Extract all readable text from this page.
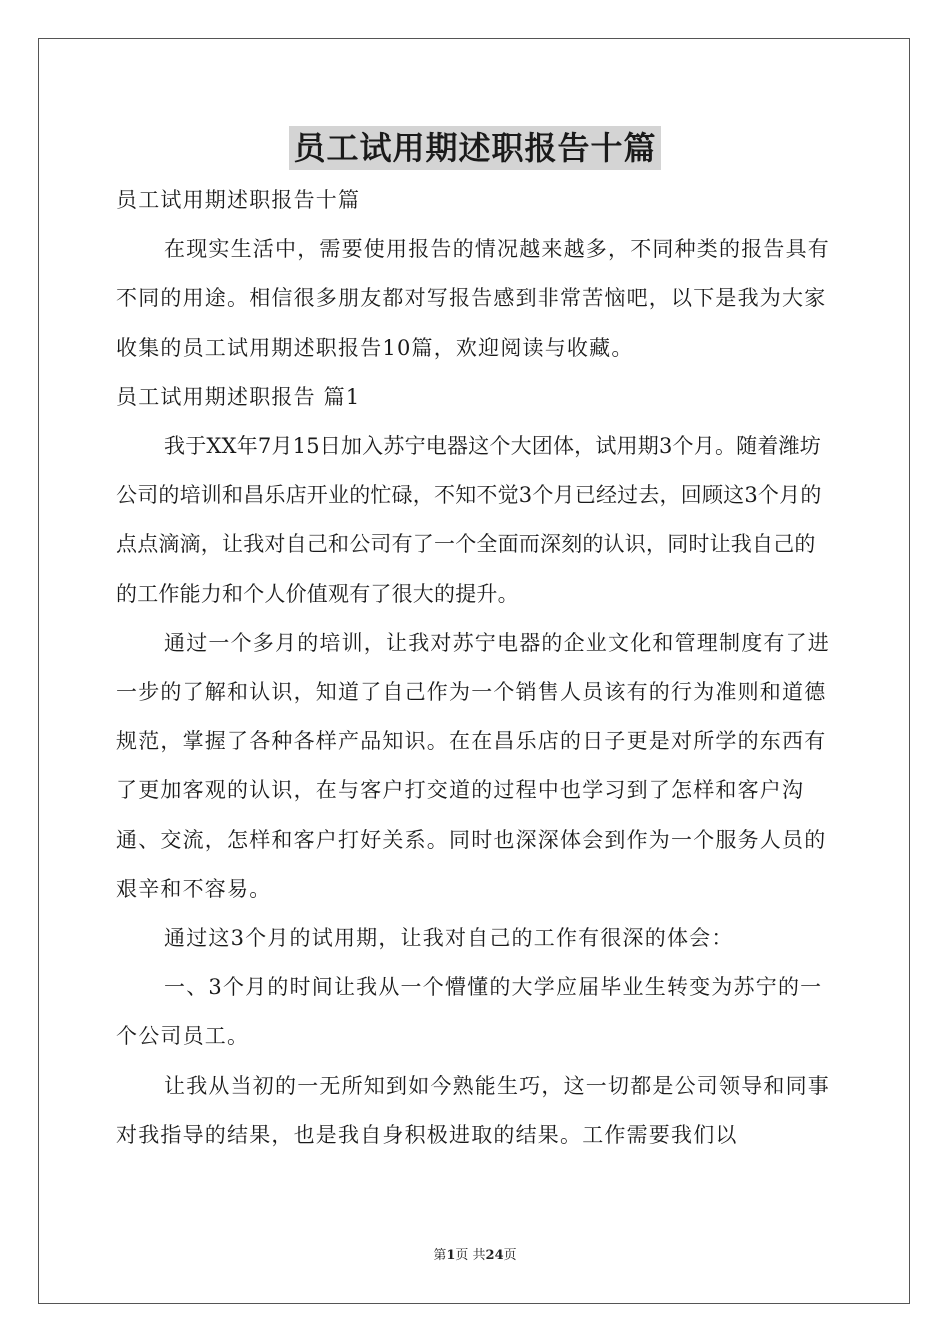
员工试用期述职报告十篇

员工试用期述职报告十篇

在现实生活中，需要使用报告的情况越来越多，不同种类的报告具有不同的用途。相信很多朋友都对写报告感到非常苦恼吧，以下是我为大家收集的员工试用期述职报告10篇，欢迎阅读与收藏。

员工试用期述职报告 篇1

我于XX年7月15日加入苏宁电器这个大团体，试用期3个月。随着潍坊公司的培训和昌乐店开业的忙碌，不知不觉3个月已经过去，回顾这3个月的点点滴滴，让我对自己和公司有了一个全面而深刻的认识，同时让我自己的的工作能力和个人价值观有了很大的提升。

通过一个多月的培训，让我对苏宁电器的企业文化和管理制度有了进一步的了解和认识，知道了自己作为一个销售人员该有的行为准则和道德规范，掌握了各种各样产品知识。在在昌乐店的日子更是对所学的东西有了更加客观的认识，在与客户打交道的过程中也学习到了怎样和客户沟通、交流，怎样和客户打好关系。同时也深深体会到作为一个服务人员的艰辛和不容易。

通过这3个月的试用期，让我对自己的工作有很深的体会：

一、3个月的时间让我从一个懵懂的大学应届毕业生转变为苏宁的一个公司员工。

让我从当初的一无所知到如今熟能生巧，这一切都是公司领导和同事对我指导的结果，也是我自身积极进取的结果。工作需要我们以

第1页 共24页
